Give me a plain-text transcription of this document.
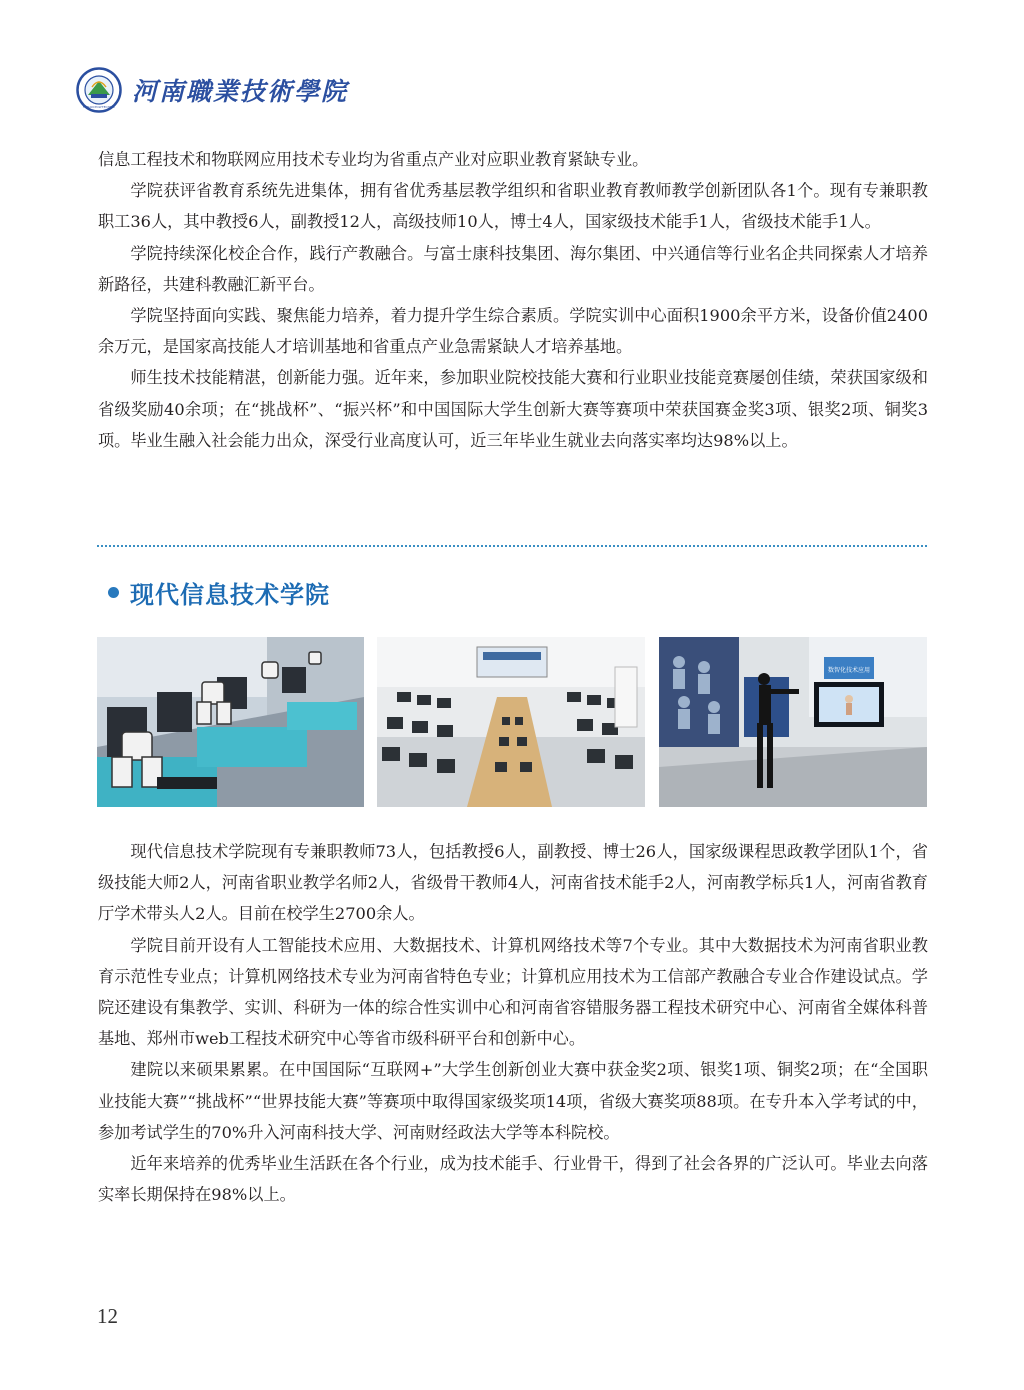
HENAN POLYTECHNIC
河南職業技術學院

信息工程技术和物联网应用技术专业均为省重点产业对应职业教育紧缺专业。

学院获评省教育系统先进集体，拥有省优秀基层教学组织和省职业教育教师教学创新团队各1个。现有专兼职教职工36人，其中教授6人，副教授12人，高级技师10人，博士4人，国家级技术能手1人，省级技术能手1人。

学院持续深化校企合作，践行产教融合。与富士康科技集团、海尔集团、中兴通信等行业名企共同探索人才培养新路径，共建科教融汇新平台。

学院坚持面向实践、聚焦能力培养，着力提升学生综合素质。学院实训中心面积1900余平方米，设备价值2400余万元，是国家高技能人才培训基地和省重点产业急需紧缺人才培养基地。

师生技术技能精湛，创新能力强。近年来，参加职业院校技能大赛和行业职业技能竞赛屡创佳绩，荣获国家级和省级奖励40余项；在“挑战杯”、“振兴杯”和中国国际大学生创新大赛等赛项中荣获国赛金奖3项、银奖2项、铜奖3项。毕业生融入社会能力出众，深受行业高度认可，近三年毕业生就业去向落实率均达98%以上。

现代信息技术学院
数智化技术应用

现代信息技术学院现有专兼职教师73人，包括教授6人，副教授、博士26人，国家级课程思政教学团队1个，省级技能大师2人，河南省职业教学名师2人，省级骨干教师4人，河南省技术能手2人，河南教学标兵1人，河南省教育厅学术带头人2人。目前在校学生2700余人。

学院目前开设有人工智能技术应用、大数据技术、计算机网络技术等7个专业。其中大数据技术为河南省职业教育示范性专业点；计算机网络技术专业为河南省特色专业；计算机应用技术为工信部产教融合专业合作建设试点。学院还建设有集教学、实训、科研为一体的综合性实训中心和河南省容错服务器工程技术研究中心、河南省全媒体科普基地、郑州市web工程技术研究中心等省市级科研平台和创新中心。

建院以来硕果累累。在中国国际“互联网+”大学生创新创业大赛中获金奖2项、银奖1项、铜奖2项；在“全国职业技能大赛”“挑战杯”“世界技能大赛”等赛项中取得国家级奖项14项，省级大赛奖项88项。在专升本入学考试的中，参加考试学生的70%升入河南科技大学、河南财经政法大学等本科院校。

近年来培养的优秀毕业生活跃在各个行业，成为技术能手、行业骨干，得到了社会各界的广泛认可。毕业去向落实率长期保持在98%以上。

12
